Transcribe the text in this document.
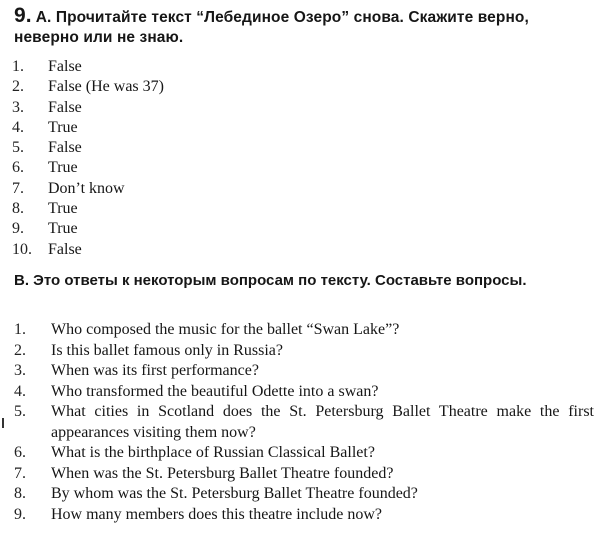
9. А. Прочитайте текст “Лебединое Озеро” снова. Скажите верно, неверно или не знаю.
1. False
2. False (He was 37)
3. False
4. True
5. False
6. True
7. Don’t know
8. True
9. True
10. False
В. Это ответы к некоторым вопросам по тексту. Составьте вопросы.
1. Who composed the music for the ballet “Swan Lake”?
2. Is this ballet famous only in Russia?
3. When was its first performance?
4. Who transformed the beautiful Odette into a swan?
5. What cities in Scotland does the St. Petersburg Ballet Theatre make the first appearances visiting them now?
6. What is the birthplace of Russian Classical Ballet?
7. When was the St. Petersburg Ballet Theatre founded?
8. By whom was the St. Petersburg Ballet Theatre founded?
9. How many members does this theatre include now?
